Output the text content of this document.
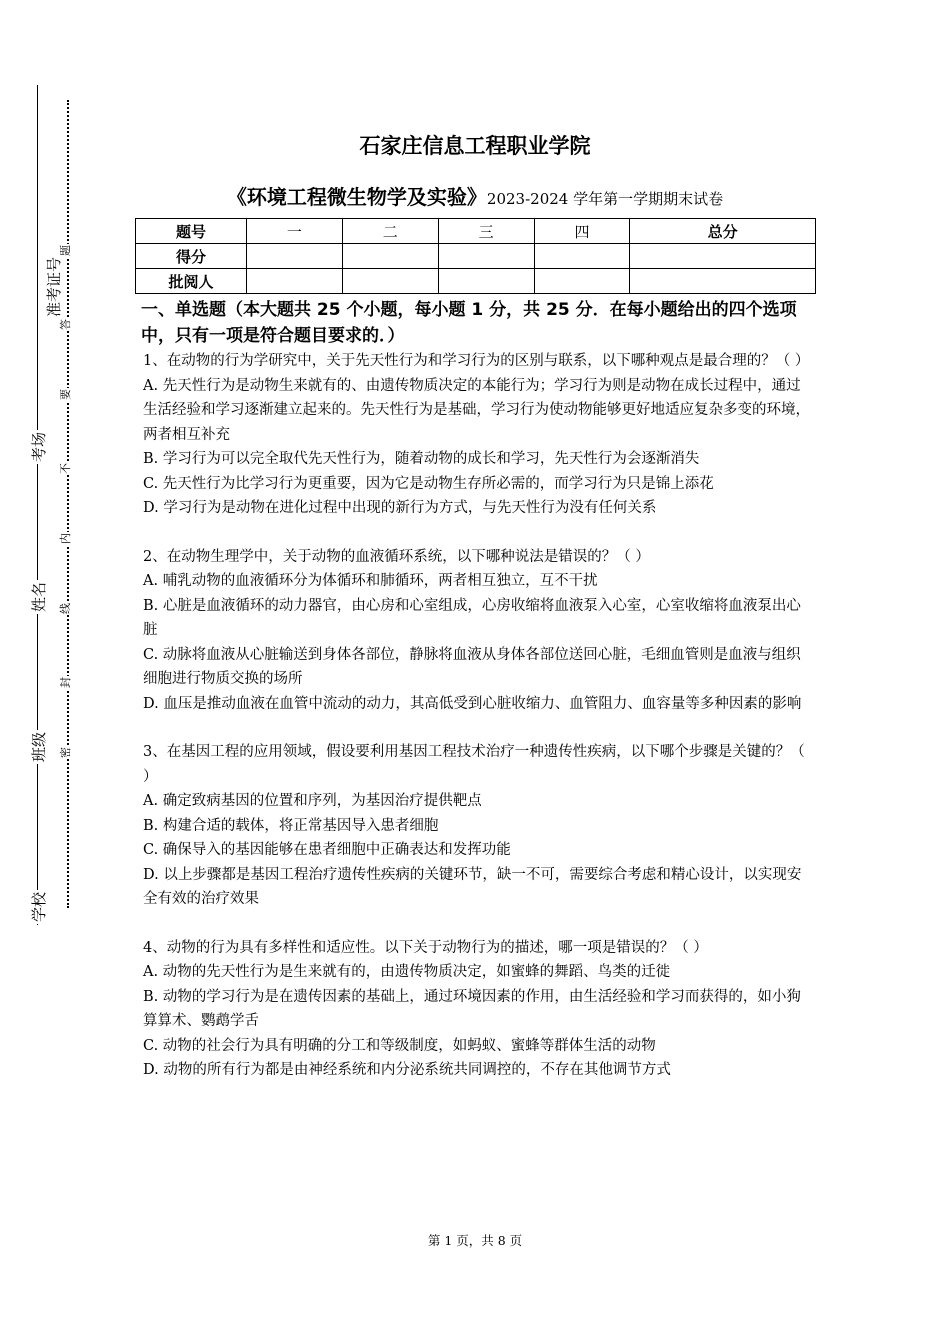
准考证号
考场
姓名
班级
学校
题
答
要
不
内
线
封
密
石家庄信息工程职业学院
《环境工程微生物学及实验》2023-2024 学年第一学期期末试卷
题号	一	二	三	四	总分
得分					
批阅人					
一、单选题（本大题共 25 个小题，每小题 1 分，共 25 分．在每小题给出的四个选项中，只有一项是符合题目要求的．）

1、在动物的行为学研究中，关于先天性行为和学习行为的区别与联系，以下哪种观点是最合理的？（ ）

A. 先天性行为是动物生来就有的、由遗传物质决定的本能行为；学习行为则是动物在成长过程中，通过生活经验和学习逐渐建立起来的。先天性行为是基础，学习行为使动物能够更好地适应复杂多变的环境，两者相互补充

B. 学习行为可以完全取代先天性行为，随着动物的成长和学习，先天性行为会逐渐消失

C. 先天性行为比学习行为更重要，因为它是动物生存所必需的，而学习行为只是锦上添花

D. 学习行为是动物在进化过程中出现的新行为方式，与先天性行为没有任何关系

2、在动物生理学中，关于动物的血液循环系统，以下哪种说法是错误的？（ ）

A. 哺乳动物的血液循环分为体循环和肺循环，两者相互独立，互不干扰

B. 心脏是血液循环的动力器官，由心房和心室组成，心房收缩将血液泵入心室，心室收缩将血液泵出心脏

C. 动脉将血液从心脏输送到身体各部位，静脉将血液从身体各部位送回心脏，毛细血管则是血液与组织细胞进行物质交换的场所

D. 血压是推动血液在血管中流动的动力，其高低受到心脏收缩力、血管阻力、血容量等多种因素的影响

3、在基因工程的应用领域，假设要利用基因工程技术治疗一种遗传性疾病，以下哪个步骤是关键的？（ ）

A. 确定致病基因的位置和序列，为基因治疗提供靶点

B. 构建合适的载体，将正常基因导入患者细胞

C. 确保导入的基因能够在患者细胞中正确表达和发挥功能

D. 以上步骤都是基因工程治疗遗传性疾病的关键环节，缺一不可，需要综合考虑和精心设计，以实现安全有效的治疗效果

4、动物的行为具有多样性和适应性。以下关于动物行为的描述，哪一项是错误的？（ ）

A. 动物的先天性行为是生来就有的，由遗传物质决定，如蜜蜂的舞蹈、鸟类的迁徙

B. 动物的学习行为是在遗传因素的基础上，通过环境因素的作用，由生活经验和学习而获得的，如小狗算算术、鹦鹉学舌

C. 动物的社会行为具有明确的分工和等级制度，如蚂蚁、蜜蜂等群体生活的动物

D. 动物的所有行为都是由神经系统和内分泌系统共同调控的，不存在其他调节方式

第 1 页，共 8 页
